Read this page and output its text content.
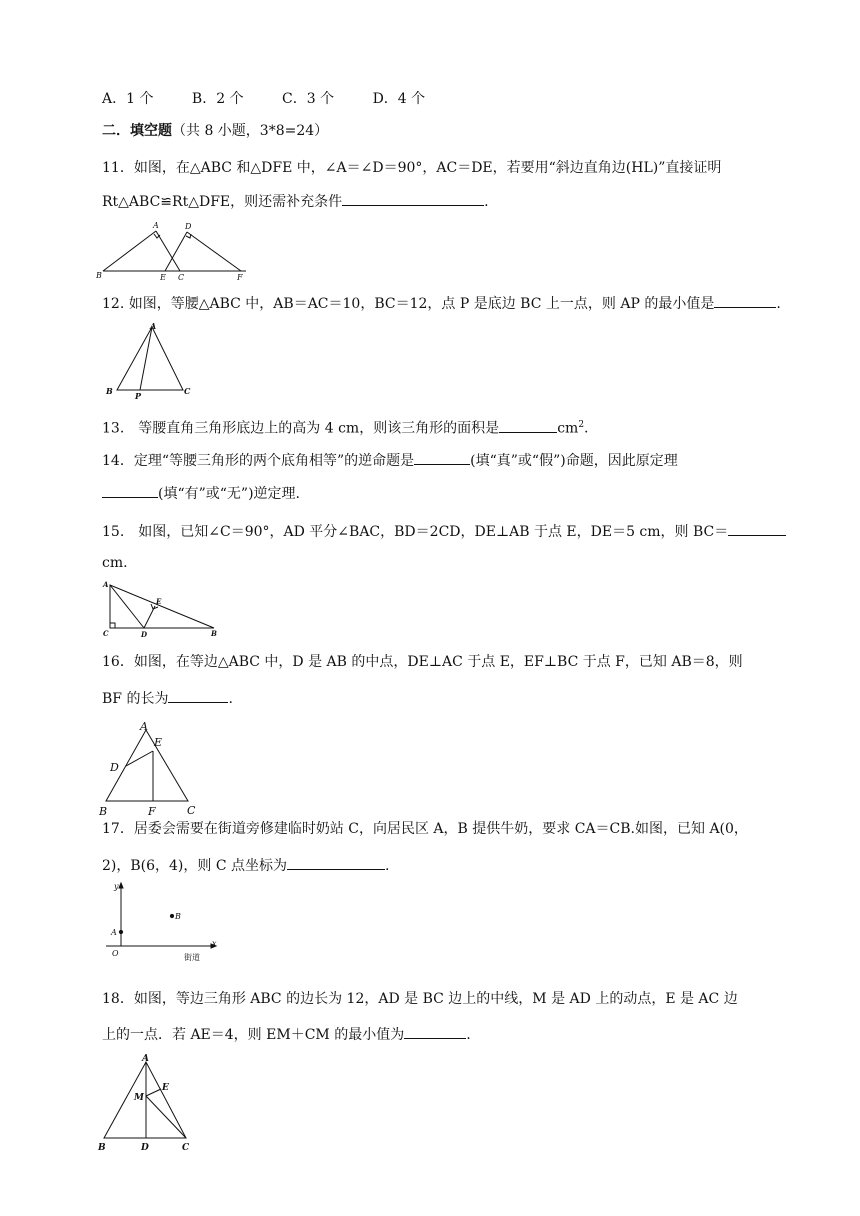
A．1 个	B．2 个	C．3 个	D．4 个
二．填空题（共 8 小题，3*8=24）
11．如图，在△ABC 和△DFE 中，∠A＝∠D＝90°，AC＝DE，若要用“斜边直角边(HL)”直接证明
Rt△ABC≌Rt△DFE，则还需补充条件	.
B
A	D
E C	F
12. 如图，等腰△ABC 中，AB＝AC＝10，BC＝12，点 P 是底边 BC 上一点，则 AP 的最小值是	.
A
B	C
P
13.　等腰直角三角形底边上的高为 4 cm，则该三角形的面积是	$cm^2$.
14．定理“等腰三角形的两个底角相等”的逆命题是	(填“真”或“假”)命题，因此原定理
(填“有”或“无”)逆定理.
15.　如图，已知∠C＝90°，AD 平分∠BAC，BD＝2CD，DE⊥AB 于点 E，DE＝5 cm，则 BC＝
cm.
A
C	D
E
B
16．如图，在等边△ABC 中，D 是 AB 的中点，DE⊥AC 于点 E，EF⊥BC 于点 F，已知 AB＝8，则
BF 的长为	.
A
E
D
B	F	C
17．居委会需要在街道旁修建临时奶站 C，向居民区 A，B 提供牛奶，要求 CA＝CB.如图，已知 A(0，
2)，B(6，4)，则 C 点坐标为	.
y
x
O
A
B
街道
18．如图，等边三角形 ABC 的边长为 12，AD 是 BC 边上的中线，M 是 AD 上的动点，E 是 AC 边
上的一点．若 AE＝4，则 EM＋CM 的最小值为	.
A
E
M
B	D	C
